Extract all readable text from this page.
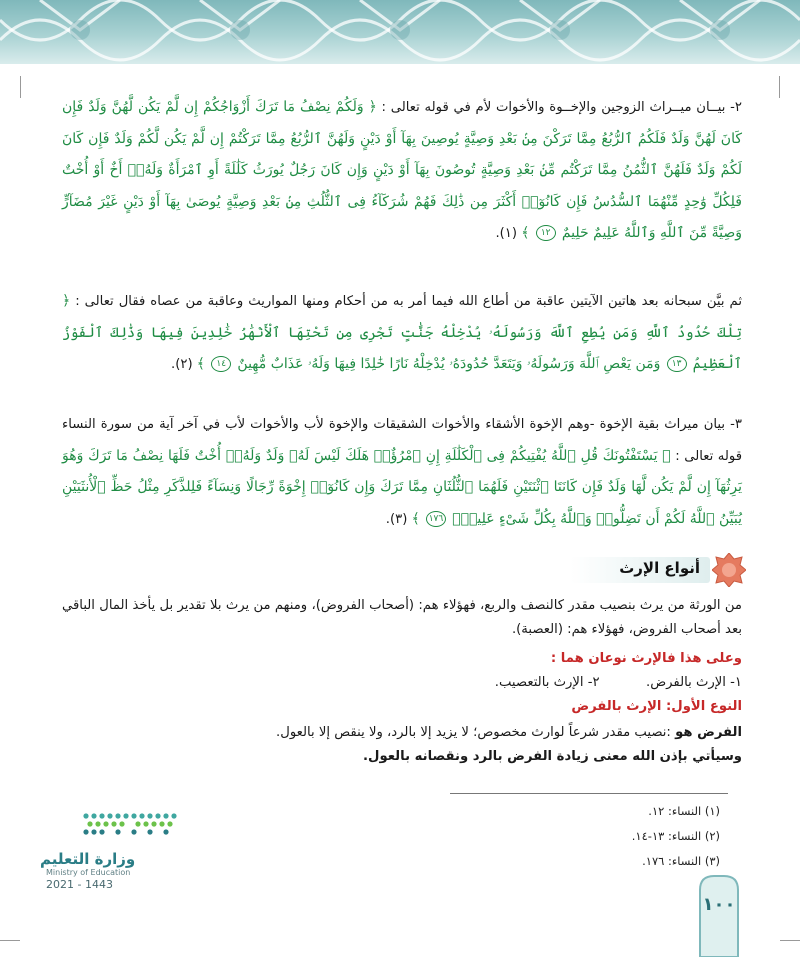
٢- بيــان ميــراث الزوجين والإخــوة والأخوات لأم في قوله تعالى : ﴿ وَلَكُمْ نِصْفُ مَا تَرَكَ أَزْوَاجُكُمْ إِن لَّمْ يَكُن لَّهُنَّ وَلَدٌ فَإِن كَانَ لَهُنَّ وَلَدٌ فَلَكُمُ ٱلرُّبُعُ مِمَّا تَرَكْنَ مِنۢ بَعْدِ وَصِيَّةٍ يُوصِينَ بِهَآ أَوْ دَيْنٍ وَلَهُنَّ ٱلرُّبُعُ مِمَّا تَرَكْتُمْ إِن لَّمْ يَكُن لَّكُمْ وَلَدٌ فَإِن كَانَ لَكُمْ وَلَدٌ فَلَهُنَّ ٱلثُّمُنُ مِمَّا تَرَكْتُم مِّنۢ بَعْدِ وَصِيَّةٍ تُوصُونَ بِهَآ أَوْ دَيْنٍ وَإِن كَانَ رَجُلٌ يُورَثُ كَلَٰلَةً أَوِ ٱمْرَأَةٌ وَلَهُۥٓ أَخٌ أَوْ أُخْتٌ فَلِكُلِّ وَٰحِدٍ مِّنْهُمَا ٱلسُّدُسُ فَإِن كَانُوٓا۟ أَكْثَرَ مِن ذَٰلِكَ فَهُمْ شُرَكَآءُ فِى ٱلثُّلُثِ مِنۢ بَعْدِ وَصِيَّةٍ يُوصَىٰ بِهَآ أَوْ دَيْنٍ غَيْرَ مُضَآرٍّ وَصِيَّةً مِّنَ ٱللَّهِ وَٱللَّهُ عَلِيمٌ حَلِيمٌ ١٢ ﴾ (١).
ثم بيَّن سبحانه بعد هاتين الآيتين عاقبة من أطاع الله فيما أمر به من أحكام ومنها المواريث وعاقبة من عصاه فقال تعالى : ﴿ تِلْكَ حُدُودُ ٱللَّهِ وَمَن يُطِعِ ٱللَّهَ وَرَسُولَهُۥ يُدْخِلْهُ جَنَّٰتٍ تَجْرِى مِن تَحْتِهَا ٱلْأَنْهَٰرُ خَٰلِدِينَ فِيهَا وَذَٰلِكَ ٱلْفَوْزُ ٱلْعَظِيمُ ١٣ وَمَن يَعْصِ ٱللَّهَ وَرَسُولَهُۥ وَيَتَعَدَّ حُدُودَهُۥ يُدْخِلْهُ نَارًا خَٰلِدًا فِيهَا وَلَهُۥ عَذَابٌ مُّهِينٌ ١٤ ﴾ (٢).
٣- بيان ميراث بقية الإخوة -وهم الإخوة الأشقاء والأخوات الشقيقات والإخوة لأب والأخوات لأب في آخر آية من سورة النساء قوله تعالى : ﴿ يَسْتَفْتُونَكَ قُلِ ٱللَّهُ يُفْتِيكُمْ فِى ٱلْكَلَٰلَةِ إِنِ ٱمْرُؤٌا۟ هَلَكَ لَيْسَ لَهُۥ وَلَدٌ وَلَهُۥٓ أُخْتٌ فَلَهَا نِصْفُ مَا تَرَكَ وَهُوَ يَرِثُهَآ إِن لَّمْ يَكُن لَّهَا وَلَدٌ فَإِن كَانَتَا ٱثْنَتَيْنِ فَلَهُمَا ٱلثُّلُثَانِ مِمَّا تَرَكَ وَإِن كَانُوٓا۟ إِخْوَةً رِّجَالًا وَنِسَآءً فَلِلذَّكَرِ مِثْلُ حَظِّ ٱلْأُنثَيَيْنِ يُبَيِّنُ ٱللَّهُ لَكُمْ أَن تَضِلُّوا۟ وَٱللَّهُ بِكُلِّ شَىْءٍ عَلِيمٌۢ ١٧٦ ﴾ (٣).
أنواع الإرث
من الورثة من يرث بنصيب مقدر كالنصف والربع، فهؤلاء هم: (أصحاب الفروض)، ومنهم من يرث بلا تقدير بل يأخذ المال الباقي بعد أصحاب الفروض، فهؤلاء هم: (العصبة).
وعلى هذا فالإرث نوعان هما :
١- الإرث بالفرض.  ٢- الإرث بالتعصيب.
النوع الأول: الإرث بالفرض
الفرض هو :نصيب مقدر شرعاً لوارث مخصوص؛ لا يزيد إلا بالرد، ولا ينقص إلا بالعول.
وسيأتي بإذن الله معنى زيادة الفرض بالرد ونقصانه بالعول.
(١) النساء: ١٢.
(٢) النساء: ١٣-١٤.
(٣) النساء: ١٧٦.
وزارة التعليم
Ministry of Education
2021 - 1443
١٠٠
